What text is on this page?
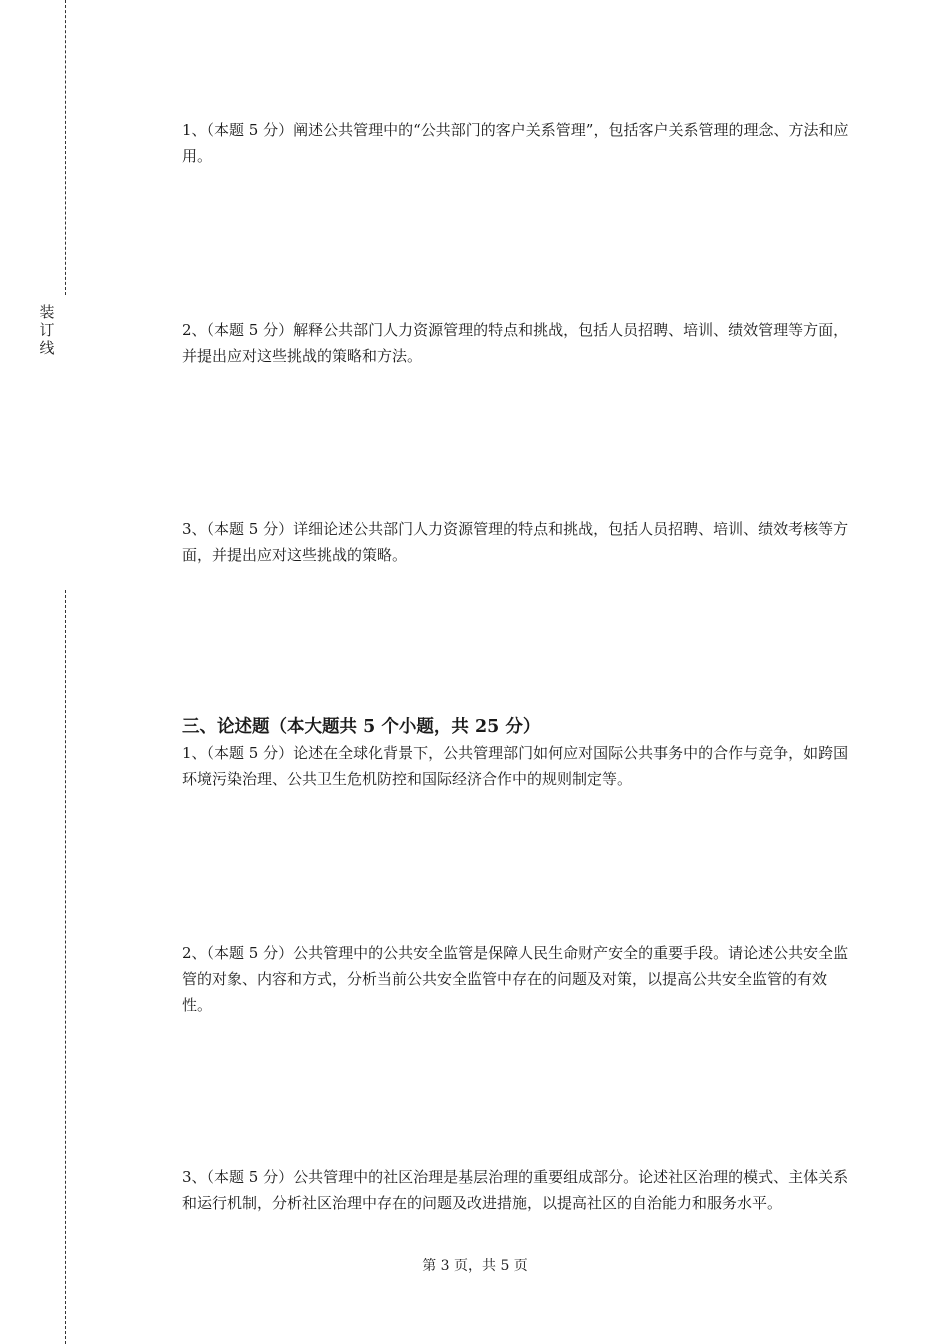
装
订
线

1、（本题 5 分）阐述公共管理中的“公共部门的客户关系管理”，包括客户关系管理的理念、方法和应用。

2、（本题 5 分）解释公共部门人力资源管理的特点和挑战，包括人员招聘、培训、绩效管理等方面，并提出应对这些挑战的策略和方法。

3、（本题 5 分）详细论述公共部门人力资源管理的特点和挑战，包括人员招聘、培训、绩效考核等方面，并提出应对这些挑战的策略。

三、论述题（本大题共 5 个小题，共 25 分）

1、（本题 5 分）论述在全球化背景下，公共管理部门如何应对国际公共事务中的合作与竞争，如跨国环境污染治理、公共卫生危机防控和国际经济合作中的规则制定等。

2、（本题 5 分）公共管理中的公共安全监管是保障人民生命财产安全的重要手段。请论述公共安全监管的对象、内容和方式，分析当前公共安全监管中存在的问题及对策，以提高公共安全监管的有效性。

3、（本题 5 分）公共管理中的社区治理是基层治理的重要组成部分。论述社区治理的模式、主体关系和运行机制，分析社区治理中存在的问题及改进措施，以提高社区的自治能力和服务水平。

第 3 页，共 5 页
